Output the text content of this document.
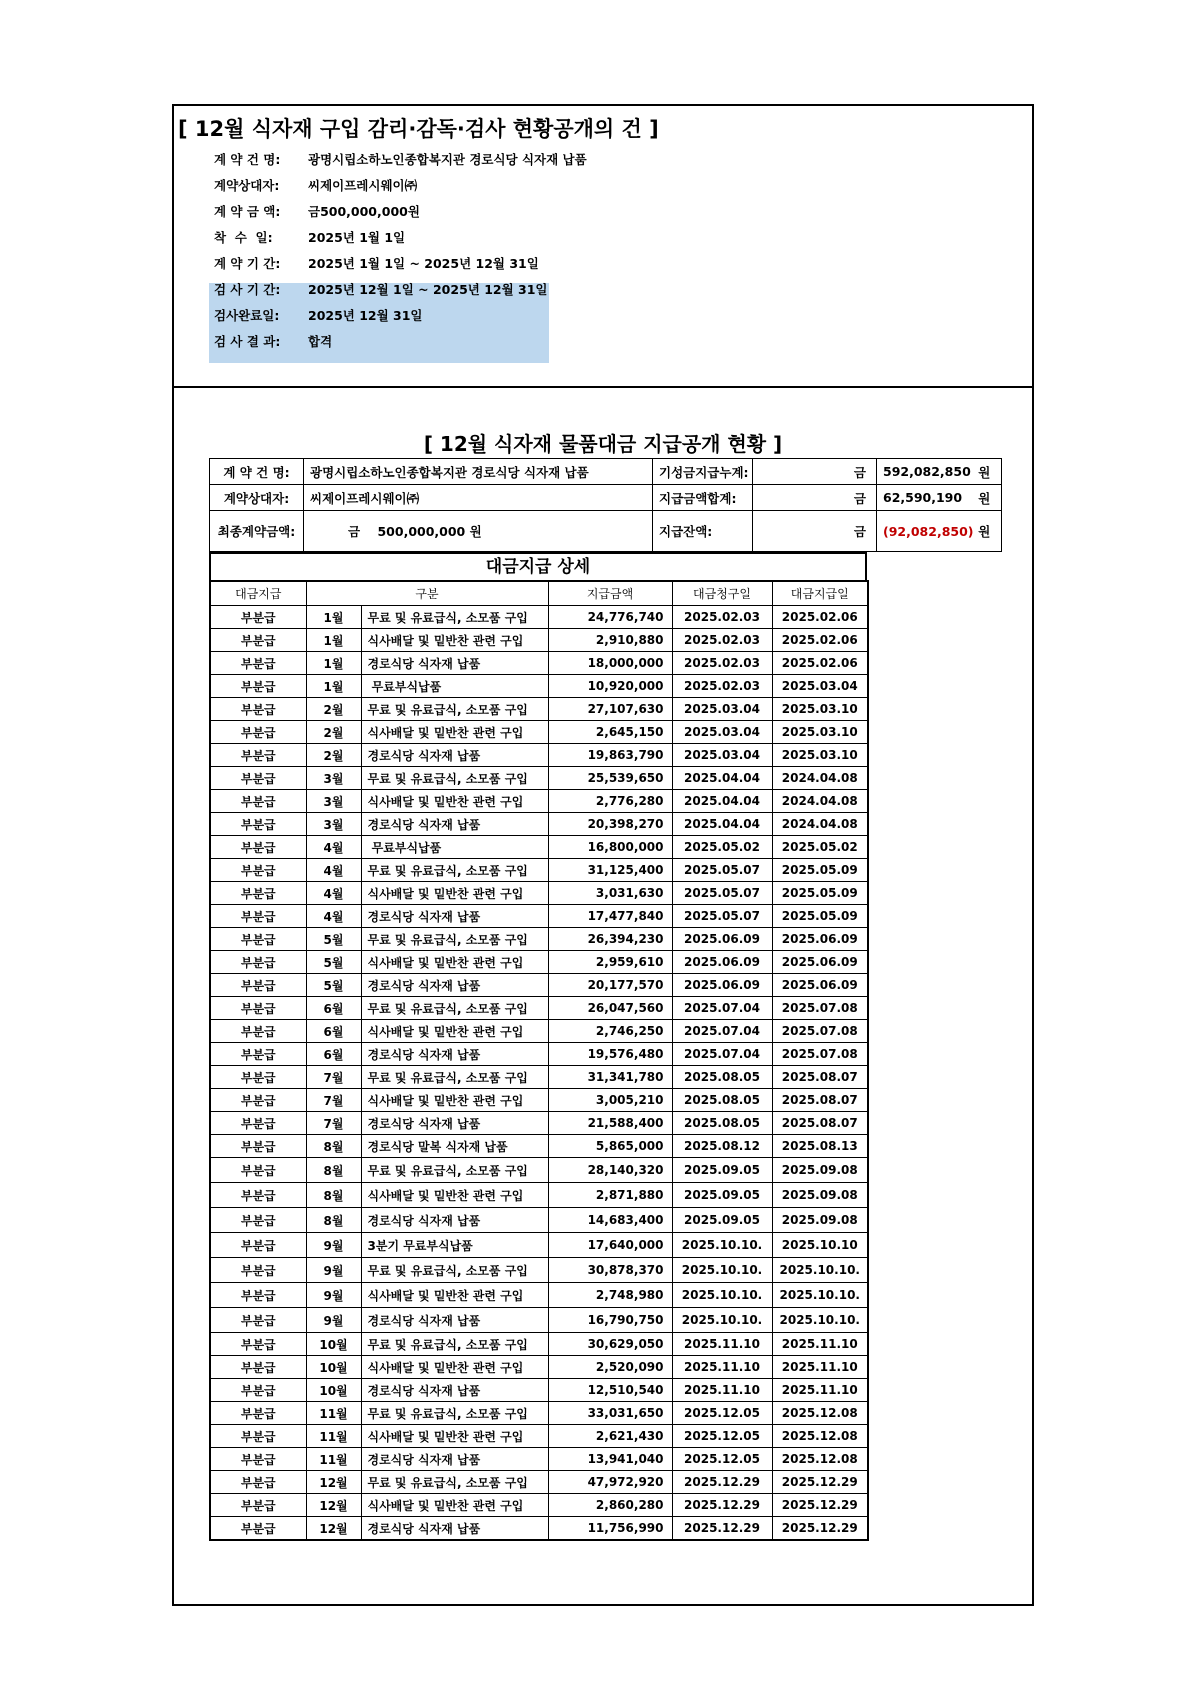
[ 12월 식자재 구입 감리·감독·검사 현황공개의 건 ]
계 약 건 명: 광명시립소하노인종합복지관 경로식당 식자재 납품
계약상대자: 씨제이프레시웨이㈜
계 약 금 액: 금500,000,000원
착  수  일:	2025년 1월 1일
계 약 기 간: 2025년 1월 1일 ~ 2025년 12월 31일
검 사 기 간: 2025년 12월 1일 ~ 2025년 12월 31일
검사완료일: 2025년 12월 31일
검 사 결 과: 합격
[ 12월 식자재 물품대금 지급공개 현황 ]
계 약 건 명:	광명시립소하노인종합복지관 경로식당 식자재 납품	기성금지급누계:	금	592,082,850	원
계약상대자:	씨제이프레시웨이㈜	지급금액합계:	금	62,590,190	원
최종계약금액:	금    500,000,000 원	지급잔액:	금	(92,082,850)	원
대금지급 상세
대금지급	구분		지급금액	대금청구일	대금지급일
부분급	1월	무료 및 유료급식, 소모품 구입	24,776,740	2025.02.03	2025.02.06
부분급	1월	식사배달 및 밑반찬 관련 구입	2,910,880	2025.02.03	2025.02.06
부분급	1월	경로식당 식자재 납품	18,000,000	2025.02.03	2025.02.06
부분급	1월	무료부식납품	10,920,000	2025.02.03	2025.03.04
부분급	2월	무료 및 유료급식, 소모품 구입	27,107,630	2025.03.04	2025.03.10
부분급	2월	식사배달 및 밑반찬 관련 구입	2,645,150	2025.03.04	2025.03.10
부분급	2월	경로식당 식자재 납품	19,863,790	2025.03.04	2025.03.10
부분급	3월	무료 및 유료급식, 소모품 구입	25,539,650	2025.04.04	2024.04.08
부분급	3월	식사배달 및 밑반찬 관련 구입	2,776,280	2025.04.04	2024.04.08
부분급	3월	경로식당 식자재 납품	20,398,270	2025.04.04	2024.04.08
부분급	4월	무료부식납품	16,800,000	2025.05.02	2025.05.02
부분급	4월	무료 및 유료급식, 소모품 구입	31,125,400	2025.05.07	2025.05.09
부분급	4월	식사배달 및 밑반찬 관련 구입	3,031,630	2025.05.07	2025.05.09
부분급	4월	경로식당 식자재 납품	17,477,840	2025.05.07	2025.05.09
부분급	5월	무료 및 유료급식, 소모품 구입	26,394,230	2025.06.09	2025.06.09
부분급	5월	식사배달 및 밑반찬 관련 구입	2,959,610	2025.06.09	2025.06.09
부분급	5월	경로식당 식자재 납품	20,177,570	2025.06.09	2025.06.09
부분급	6월	무료 및 유료급식, 소모품 구입	26,047,560	2025.07.04	2025.07.08
부분급	6월	식사배달 및 밑반찬 관련 구입	2,746,250	2025.07.04	2025.07.08
부분급	6월	경로식당 식자재 납품	19,576,480	2025.07.04	2025.07.08
부분급	7월	무료 및 유료급식, 소모품 구입	31,341,780	2025.08.05	2025.08.07
부분급	7월	식사배달 및 밑반찬 관련 구입	3,005,210	2025.08.05	2025.08.07
부분급	7월	경로식당 식자재 납품	21,588,400	2025.08.05	2025.08.07
부분급	8월	경로식당 말복 식자재 납품	5,865,000	2025.08.12	2025.08.13
부분급	8월	무료 및 유료급식, 소모품 구입	28,140,320	2025.09.05	2025.09.08
부분급	8월	식사배달 및 밑반찬 관련 구입	2,871,880	2025.09.05	2025.09.08
부분급	8월	경로식당 식자재 납품	14,683,400	2025.09.05	2025.09.08
부분급	9월	3분기 무료부식납품	17,640,000	2025.10.10.	2025.10.10
부분급	9월	무료 및 유료급식, 소모품 구입	30,878,370	2025.10.10.	2025.10.10.
부분급	9월	식사배달 및 밑반찬 관련 구입	2,748,980	2025.10.10.	2025.10.10.
부분급	9월	경로식당 식자재 납품	16,790,750	2025.10.10.	2025.10.10.
부분급	10월	무료 및 유료급식, 소모품 구입	30,629,050	2025.11.10	2025.11.10
부분급	10월	식사배달 및 밑반찬 관련 구입	2,520,090	2025.11.10	2025.11.10
부분급	10월	경로식당 식자재 납품	12,510,540	2025.11.10	2025.11.10
부분급	11월	무료 및 유료급식, 소모품 구입	33,031,650	2025.12.05	2025.12.08
부분급	11월	식사배달 및 밑반찬 관련 구입	2,621,430	2025.12.05	2025.12.08
부분급	11월	경로식당 식자재 납품	13,941,040	2025.12.05	2025.12.08
부분급	12월	무료 및 유료급식, 소모품 구입	47,972,920	2025.12.29	2025.12.29
부분급	12월	식사배달 및 밑반찬 관련 구입	2,860,280	2025.12.29	2025.12.29
부분급	12월	경로식당 식자재 납품	11,756,990	2025.12.29	2025.12.29
